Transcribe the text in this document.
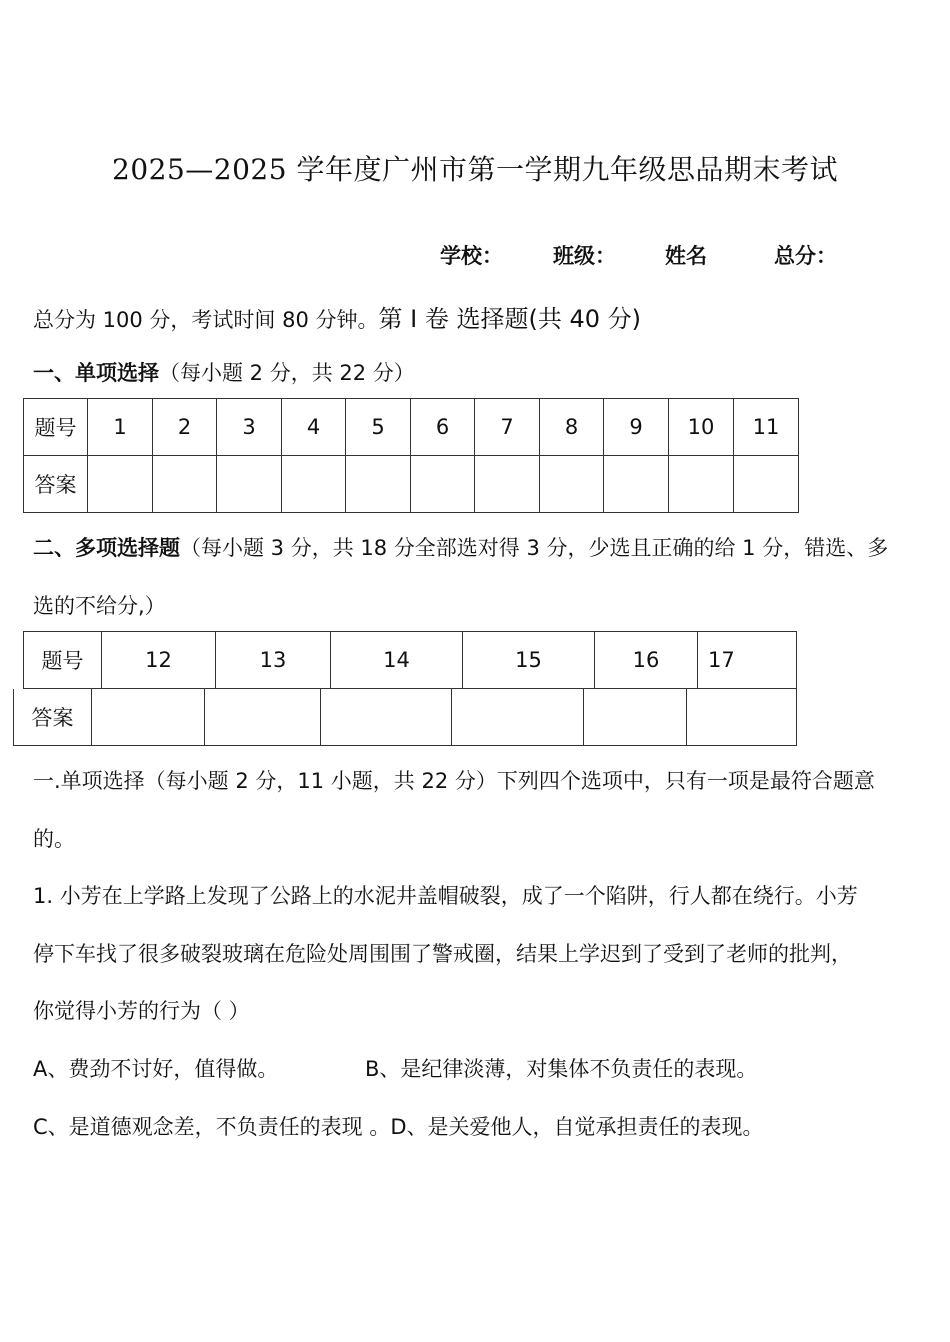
2025—2025 学年度广州市第一学期九年级思品期末考试
学校： 班级： 姓名	总分：
总分为 100 分，考试时间 80 分钟。第 I 卷 选择题(共 40 分)
一、单项选择（每小题 2 分，共 22 分）
题号	1	2	3	4	5	6	7	8	9	10	11
答案											
二、多项选择题（每小题 3 分，共 18 分全部选对得 3 分，少选且正确的给 1 分，错选、多
选的不给分,）
题号	12	13	14	15	16	17
答案						
一.单项选择（每小题 2 分，11 小题，共 22 分）下列四个选项中，只有一项是最符合题意
的。
1. 小芳在上学路上发现了公路上的水泥井盖帽破裂，成了一个陷阱，行人都在绕行。小芳
停下车找了很多破裂玻璃在危险处周围围了警戒圈，结果上学迟到了受到了老师的批判，
你觉得小芳的行为（ ）
A、费劲不讨好，值得做。	B、是纪律淡薄，对集体不负责任的表现。
C、是道德观念差，不负责任的表现 。D、是关爱他人，自觉承担责任的表现。
